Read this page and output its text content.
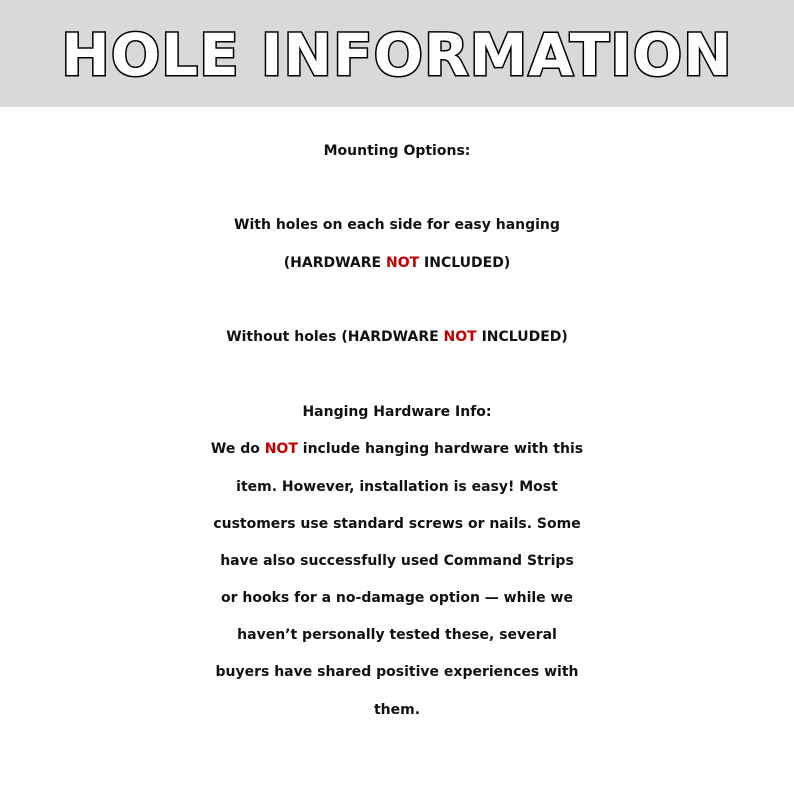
HOLE INFORMATION
Mounting Options:
With holes on each side for easy hanging
(HARDWARE NOT INCLUDED)
Without holes (HARDWARE NOT INCLUDED)
Hanging Hardware Info:
We do NOT include hanging hardware with this
item. However, installation is easy! Most
customers use standard screws or nails. Some
have also successfully used Command Strips
or hooks for a no-damage option — while we
haven’t personally tested these, several
buyers have shared positive experiences with
them.
